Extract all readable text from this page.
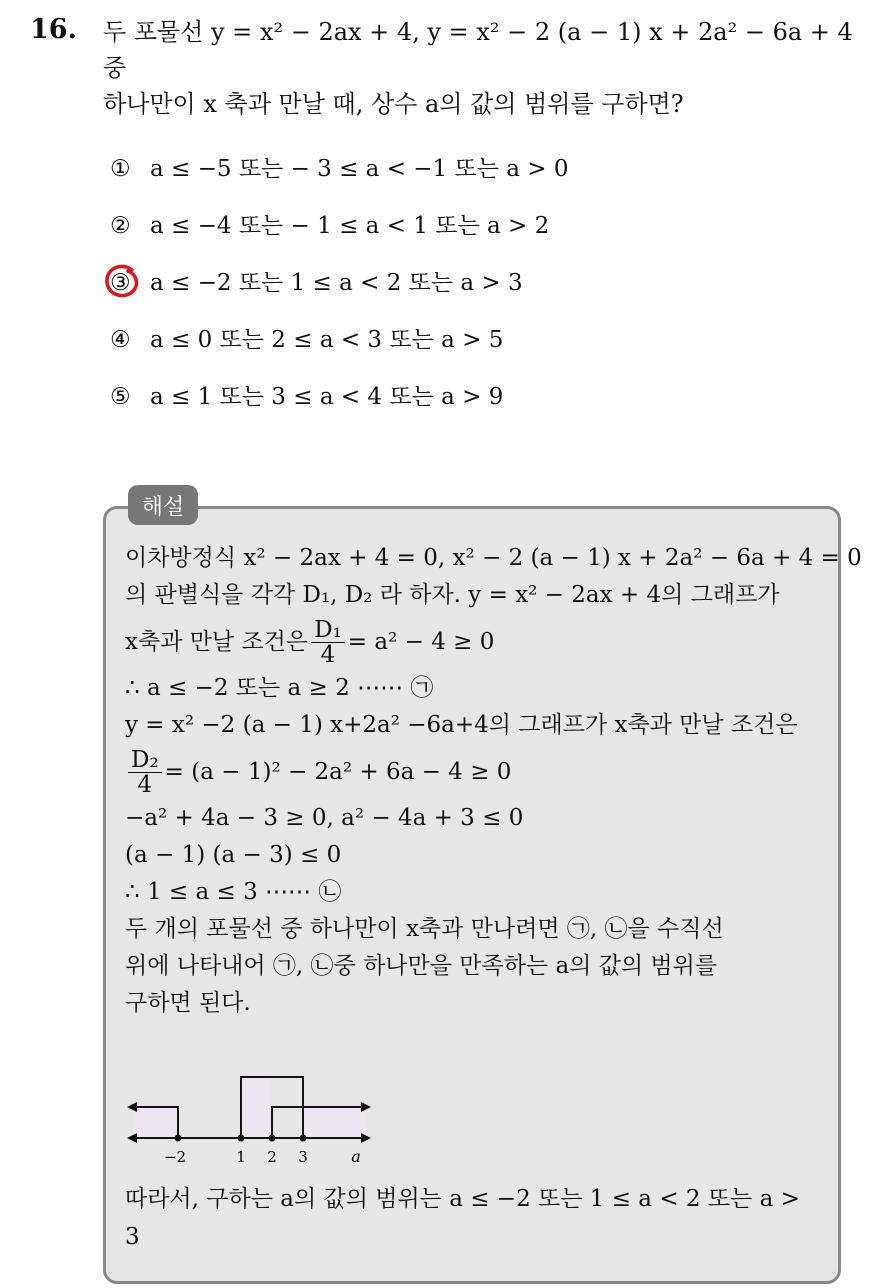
16. 두 포물선 y = x² − 2ax + 4, y = x² − 2 (a − 1) x + 2a² − 6a + 4 중
하나만이 x 축과 만날 때, 상수 a의 값의 범위를 구하면?
① a ≤ −5 또는 − 3 ≤ a < −1 또는 a > 0
② a ≤ −4 또는 − 1 ≤ a < 1 또는 a > 2
③ a ≤ −2 또는 1 ≤ a < 2 또는 a > 3
④ a ≤ 0 또는 2 ≤ a < 3 또는 a > 5
⑤ a ≤ 1 또는 3 ≤ a < 4 또는 a > 9
해설
이차방정식 x² − 2ax + 4 = 0, x² − 2 (a − 1) x + 2a² − 6a + 4 = 0
의 판별식을 각각 D₁, D₂ 라 하자. y = x² − 2ax + 4의 그래프가
x축과 만날 조건은 $\frac{\text{D₁}}{4} = a^2 - 4 \ge 0$
∴ a ≤ −2 또는 a ≥ 2 ⋯⋯ ㉠
y = x² −2 (a − 1) x+2a² −6a+4의 그래프가 x축과 만날 조건은
$\frac{\text{D₂}}{4} = (a - 1)^2 - 2a^2 + 6a - 4 \ge 0$
−a² + 4a − 3 ≥ 0, a² − 4a + 3 ≤ 0
(a − 1) (a − 3) ≤ 0
∴ 1 ≤ a ≤ 3 ⋯⋯ ㉡
두 개의 포물선 중 하나만이 x축과 만나려면 ㉠, ㉡을 수직선
위에 나타내어 ㉠, ㉡중 하나만을 만족하는 a의 값의 범위를
구하면 된다.
−2	1 2 3	a
따라서, 구하는 a의 값의 범위는 a ≤ −2 또는 1 ≤ a < 2 또는 a >
3
